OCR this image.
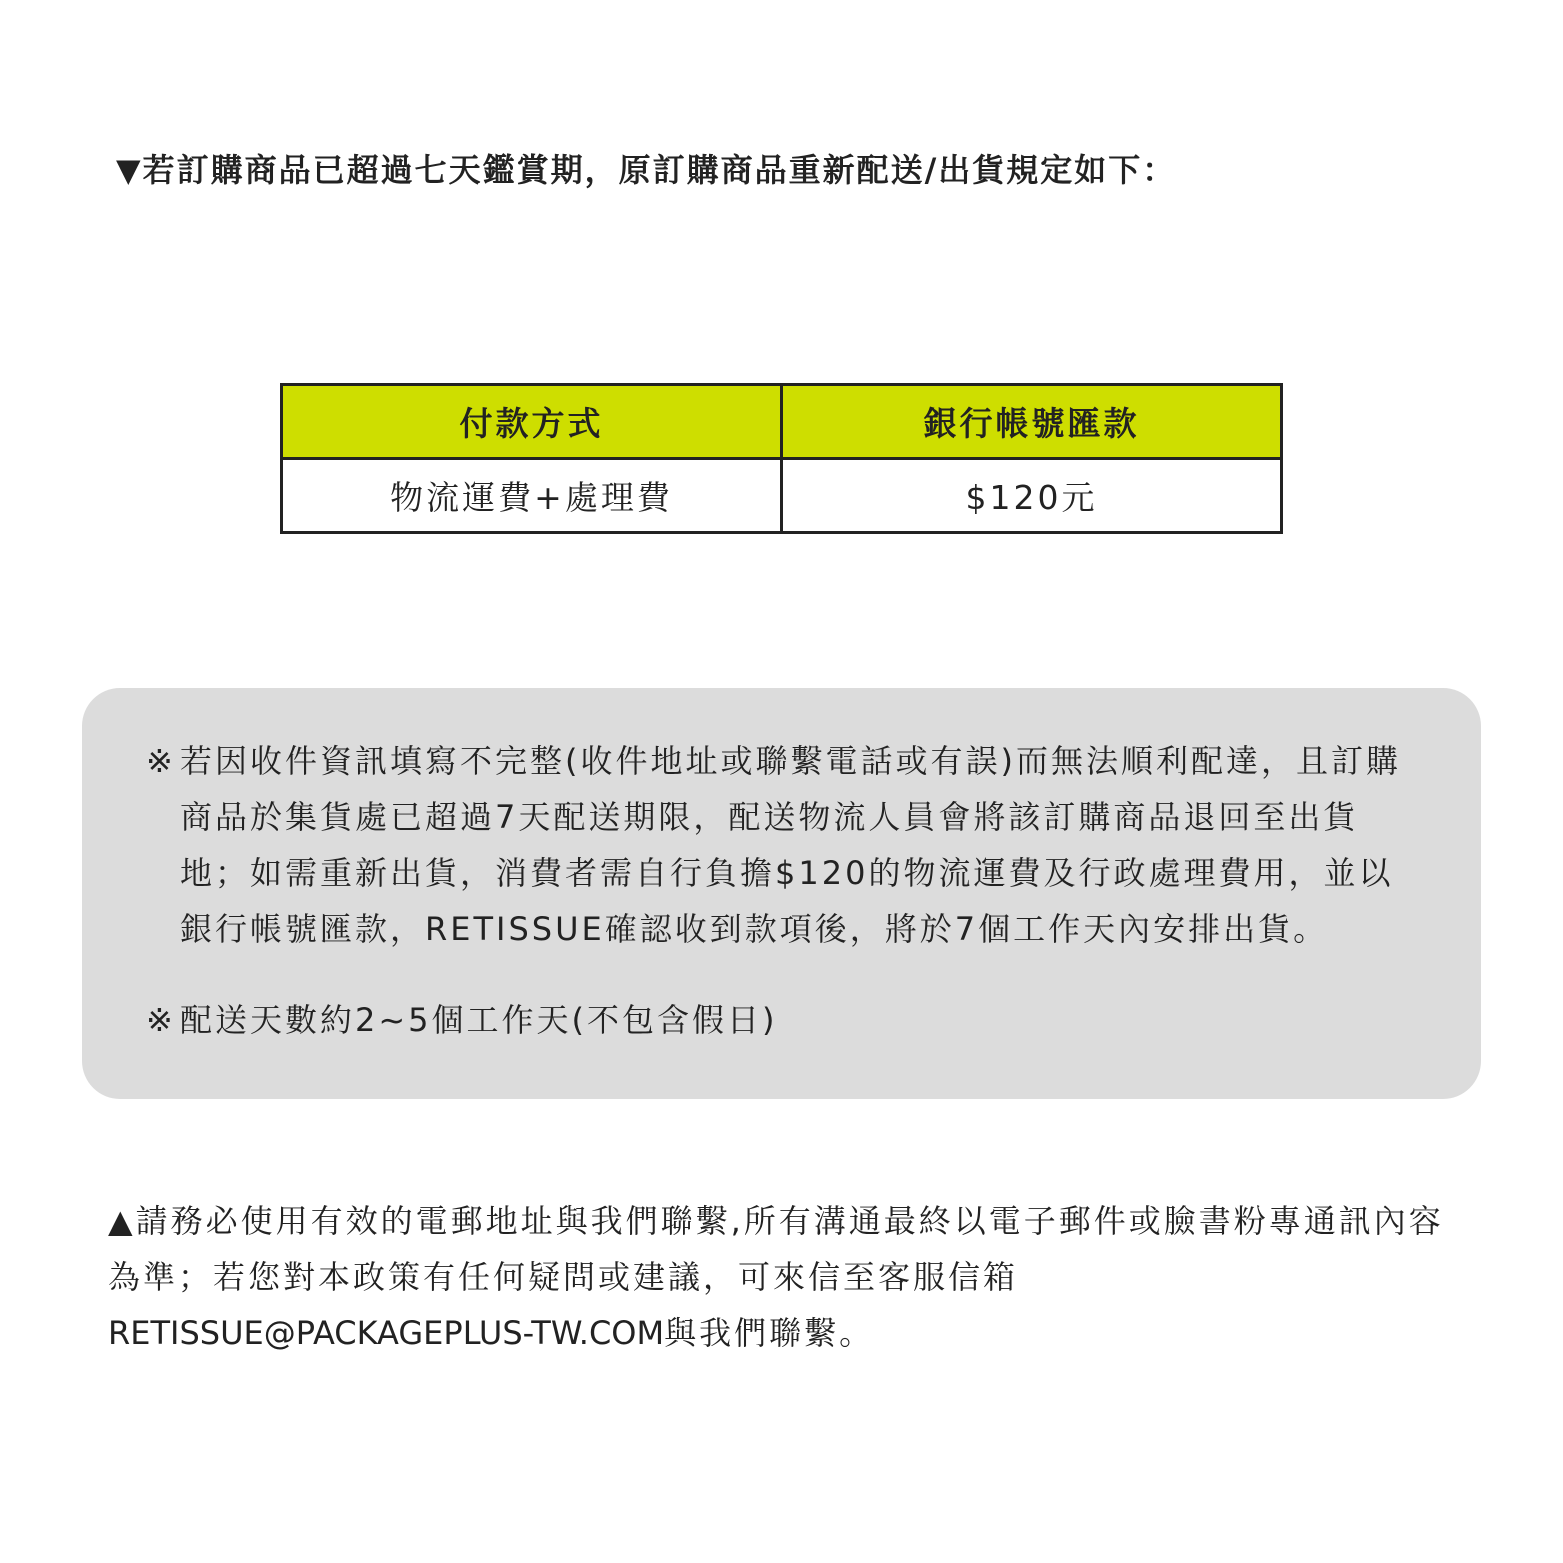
▼若訂購商品已超過七天鑑賞期，原訂購商品重新配送/出貨規定如下：
付款方式	銀行帳號匯款
物流運費+處理費	$120元
※ 若因收件資訊填寫不完整(收件地址或聯繫電話或有誤)而無法順利配達，且訂購商品於集貨處已超過7天配送期限，配送物流人員會將該訂購商品退回至出貨地；如需重新出貨，消費者需自行負擔$120的物流運費及行政處理費用，並以銀行帳號匯款，RETISSUE確認收到款項後，將於7個工作天內安排出貨。
※ 配送天數約2~5個工作天(不包含假日)
▲請務必使用有效的電郵地址與我們聯繫,所有溝通最終以電子郵件或臉書粉專通訊內容為準；若您對本政策有任何疑問或建議，可來信至客服信箱
RETISSUE@PACKAGEPLUS-TW.COM與我們聯繫。
